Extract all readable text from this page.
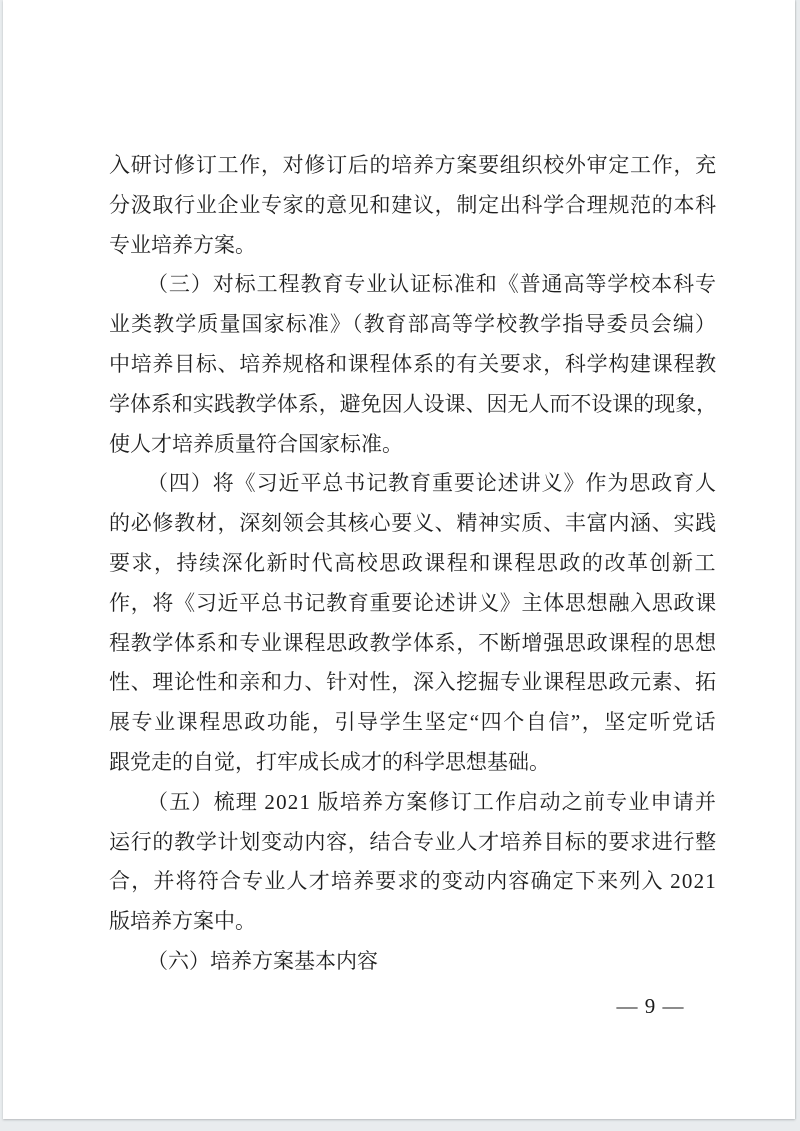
入研讨修订工作，对修订后的培养方案要组织校外审定工作，充
分汲取行业企业专家的意见和建议，制定出科学合理规范的本科
专业培养方案。
（三）对标工程教育专业认证标准和《普通高等学校本科专
业类教学质量国家标准》（教育部高等学校教学指导委员会编）
中培养目标、培养规格和课程体系的有关要求，科学构建课程教
学体系和实践教学体系，避免因人设课、因无人而不设课的现象，
使人才培养质量符合国家标准。
（四）将《习近平总书记教育重要论述讲义》作为思政育人
的必修教材，深刻领会其核心要义、精神实质、丰富内涵、实践
要求，持续深化新时代高校思政课程和课程思政的改革创新工
作，将《习近平总书记教育重要论述讲义》主体思想融入思政课
程教学体系和专业课程思政教学体系，不断增强思政课程的思想
性、理论性和亲和力、针对性，深入挖掘专业课程思政元素、拓
展专业课程思政功能，引导学生坚定“四个自信”，坚定听党话
跟党走的自觉，打牢成长成才的科学思想基础。
（五）梳理 2021 版培养方案修订工作启动之前专业申请并
运行的教学计划变动内容，结合专业人才培养目标的要求进行整
合，并将符合专业人才培养要求的变动内容确定下来列入 2021
版培养方案中。
（六）培养方案基本内容
— 9 —
